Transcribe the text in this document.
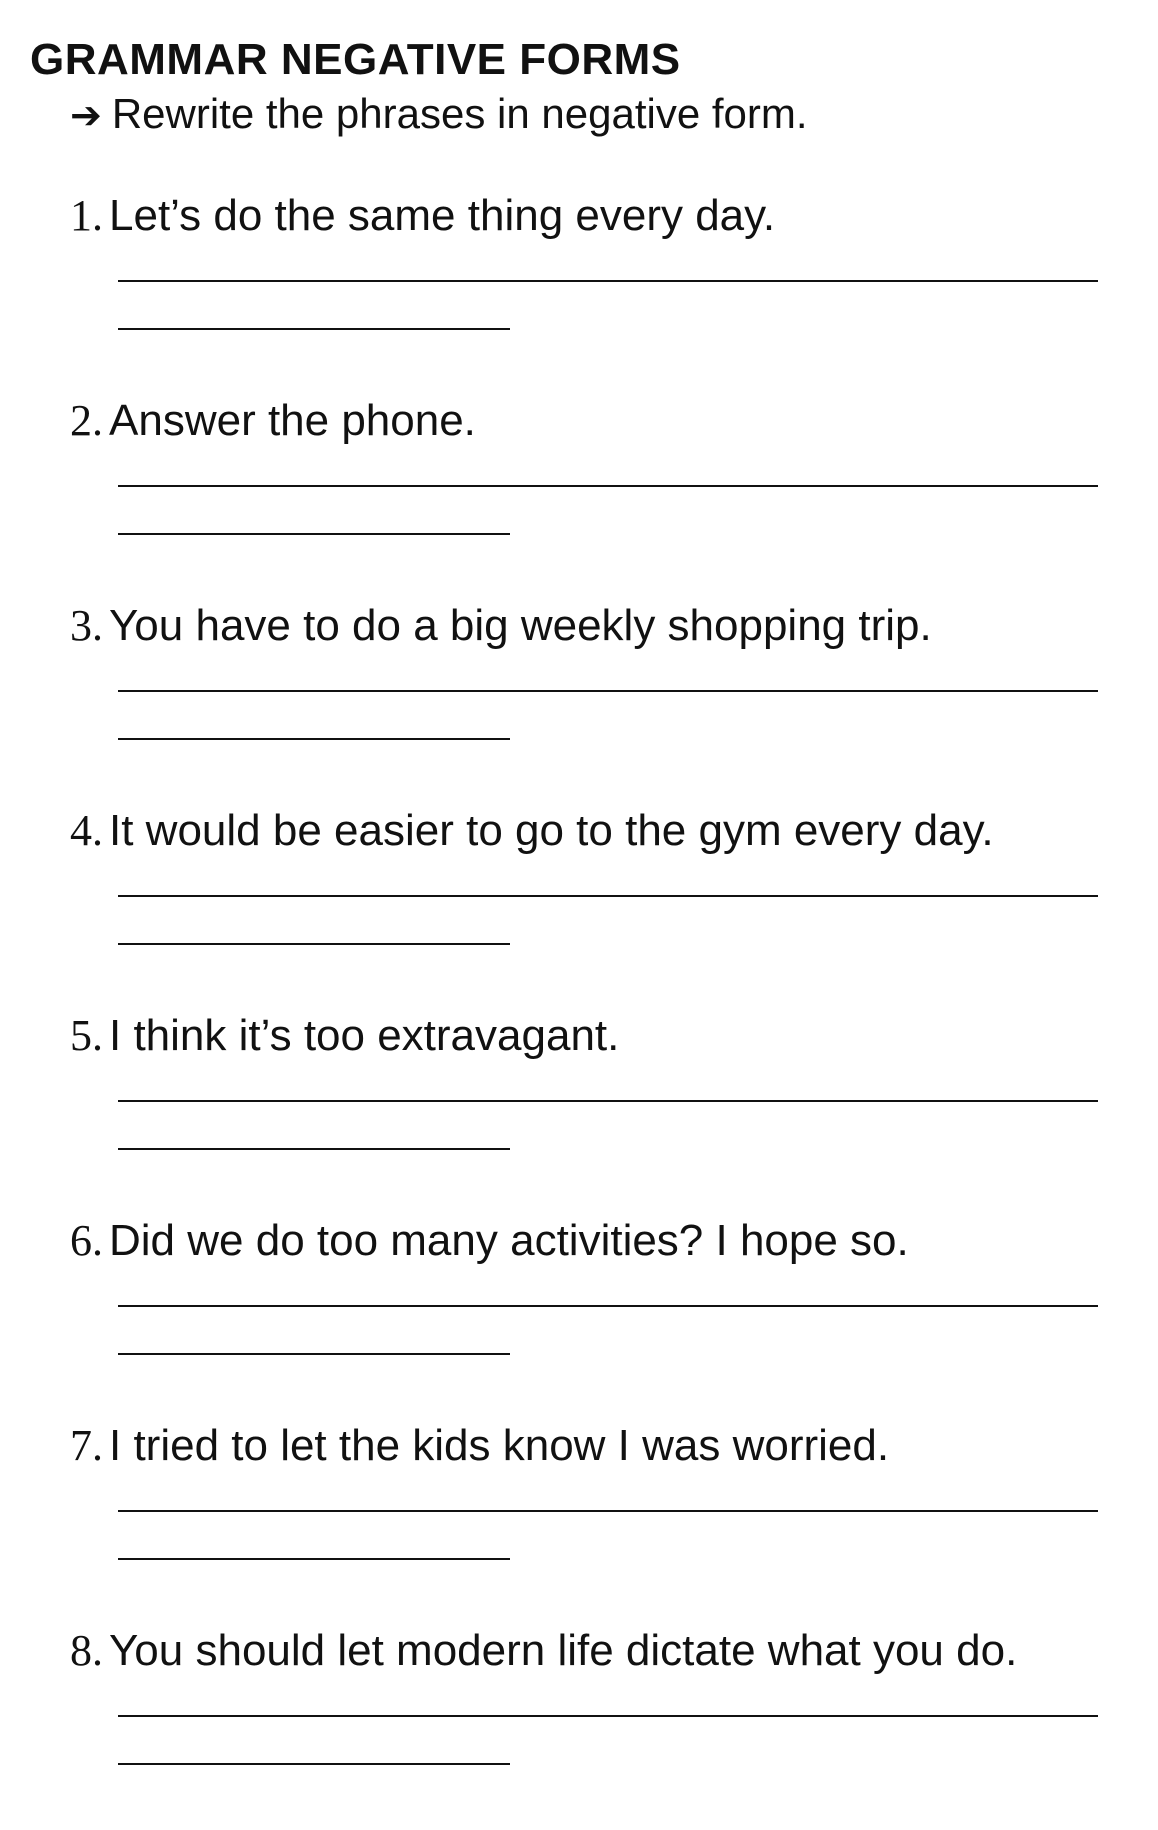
GRAMMAR NEGATIVE FORMS
➔ Rewrite the phrases in negative form.
1. Let’s do the same thing every day.
2. Answer the phone.
3. You have to do a big weekly shopping trip.
4. It would be easier to go to the gym every day.
5. I think it’s too extravagant.
6. Did we do too many activities? I hope so.
7. I tried to let the kids know I was worried.
8. You should let modern life dictate what you do.
